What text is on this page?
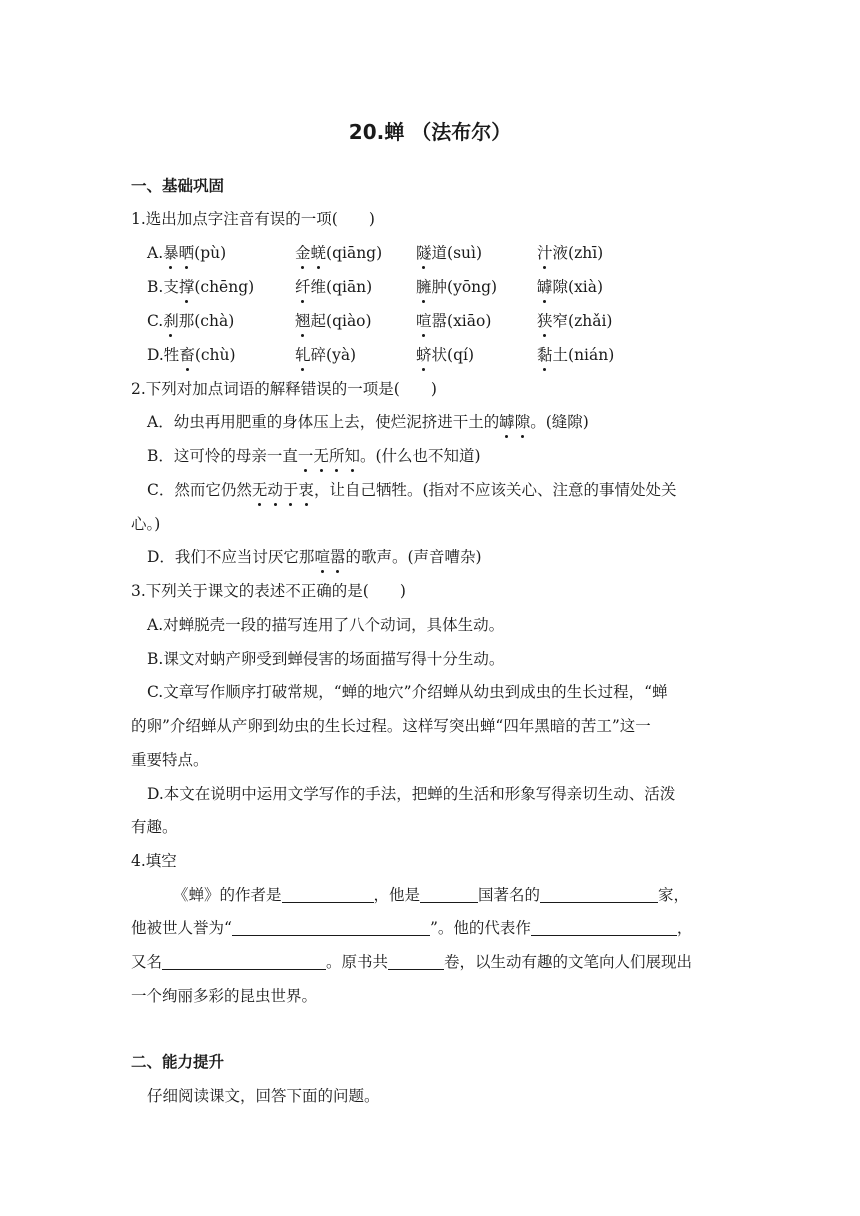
20.蝉 （法布尔）
一、基础巩固
1.选出加点字注音有误的一项(　　)
A.暴晒(pù)	金蜣(qiāng) 隧道(suì)	汁液(zhī)
B.支撑(chēng)	纤维(qiān)	臃肿(yōng)	罅隙(xià)
C.刹那(chà)	翘起(qiào)	喧嚣(xiāo)	狭窄(zhǎi)
D.牲畜(chù)	轧碎(yà)	蛴状(qí)	黏土(nián)
2.下列对加点词语的解释错误的一项是(　　)
A．幼虫再用肥重的身体压上去，使烂泥挤进干土的罅隙。(缝隙)
B．这可怜的母亲一直一无所知。(什么也不知道)
C．然而它仍然无动于衷，让自己牺牲。(指对不应该关心、注意的事情处处关
心。)
D．我们不应当讨厌它那喧嚣的歌声。(声音嘈杂)
3.下列关于课文的表述不正确的是(　　)
A.对蝉脱壳一段的描写连用了八个动词，具体生动。
B.课文对蚋产卵受到蝉侵害的场面描写得十分生动。
C.文章写作顺序打破常规，“蝉的地穴”介绍蝉从幼虫到成虫的生长过程，“蝉
的卵”介绍蝉从产卵到幼虫的生长过程。这样写突出蝉“四年黑暗的苦工”这一
重要特点。
D.本文在说明中运用文学写作的手法，把蝉的生活和形象写得亲切生动、活泼
有趣。
4.填空
《蝉》的作者是	，他是	国著名的	家，
他被世人誉为“	”。他的代表作	，
又名	。原书共	卷，以生动有趣的文笔向人们展现出
一个绚丽多彩的昆虫世界。
二、能力提升
仔细阅读课文，回答下面的问题。
